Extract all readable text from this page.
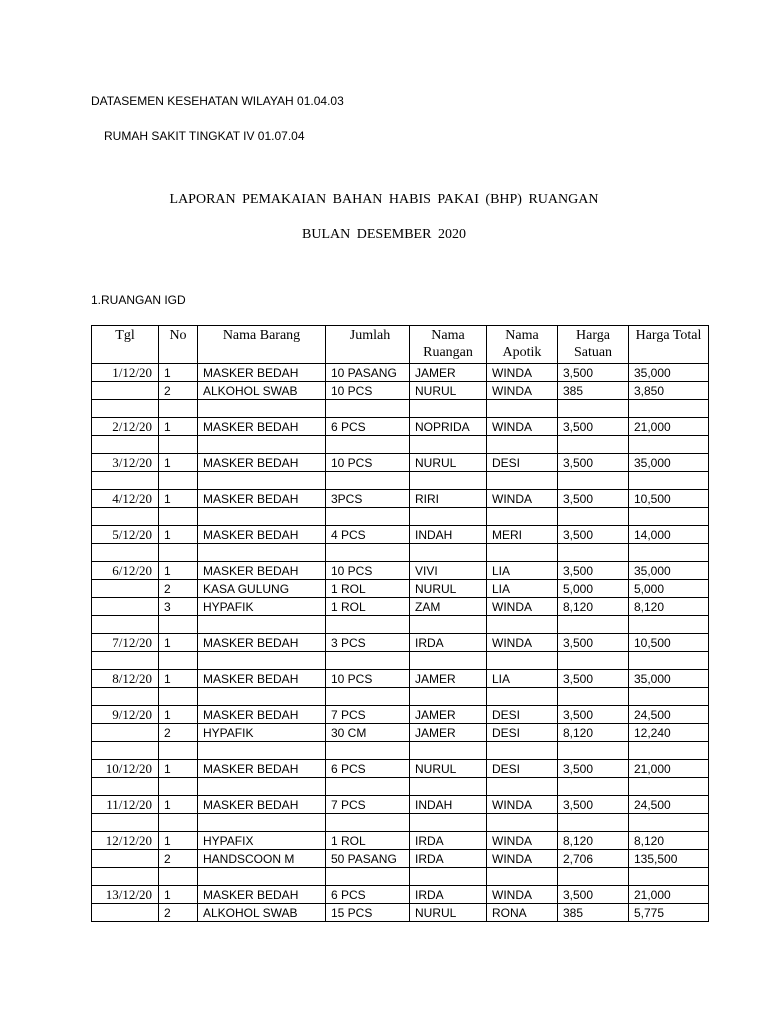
DATASEMEN KESEHATAN WILAYAH 01.04.03
RUMAH SAKIT TINGKAT IV 01.07.04
LAPORAN PEMAKAIAN BAHAN HABIS PAKAI (BHP) RUANGAN
BULAN DESEMBER 2020
1.RUANGAN IGD
Tgl	No	Nama Barang	Jumlah	Nama Ruangan	Nama Apotik	Harga Satuan	Harga Total
1/12/20	1	MASKER BEDAH	10 PASANG	JAMER	WINDA	3,500	35,000
	2	ALKOHOL SWAB	10 PCS	NURUL	WINDA	385	3,850

2/12/20	1	MASKER BEDAH	6 PCS	NOPRIDA	WINDA	3,500	21,000

3/12/20	1	MASKER BEDAH	10 PCS	NURUL	DESI	3,500	35,000

4/12/20	1	MASKER BEDAH	3PCS	RIRI	WINDA	3,500	10,500

5/12/20	1	MASKER BEDAH	4 PCS	INDAH	MERI	3,500	14,000

6/12/20	1	MASKER BEDAH	10 PCS	VIVI	LIA	3,500	35,000
	2	KASA GULUNG	1 ROL	NURUL	LIA	5,000	5,000
	3	HYPAFIK	1 ROL	ZAM	WINDA	8,120	8,120

7/12/20	1	MASKER BEDAH	3 PCS	IRDA	WINDA	3,500	10,500

8/12/20	1	MASKER BEDAH	10 PCS	JAMER	LIA	3,500	35,000

9/12/20	1	MASKER BEDAH	7 PCS	JAMER	DESI	3,500	24,500
	2	HYPAFIK	30 CM	JAMER	DESI	8,120	12,240

10/12/20	1	MASKER BEDAH	6 PCS	NURUL	DESI	3,500	21,000

11/12/20	1	MASKER BEDAH	7 PCS	INDAH	WINDA	3,500	24,500

12/12/20	1	HYPAFIX	1 ROL	IRDA	WINDA	8,120	8,120
	2	HANDSCOON M	50 PASANG	IRDA	WINDA	2,706	135,500

13/12/20	1	MASKER BEDAH	6 PCS	IRDA	WINDA	3,500	21,000
	2	ALKOHOL SWAB	15 PCS	NURUL	RONA	385	5,775
